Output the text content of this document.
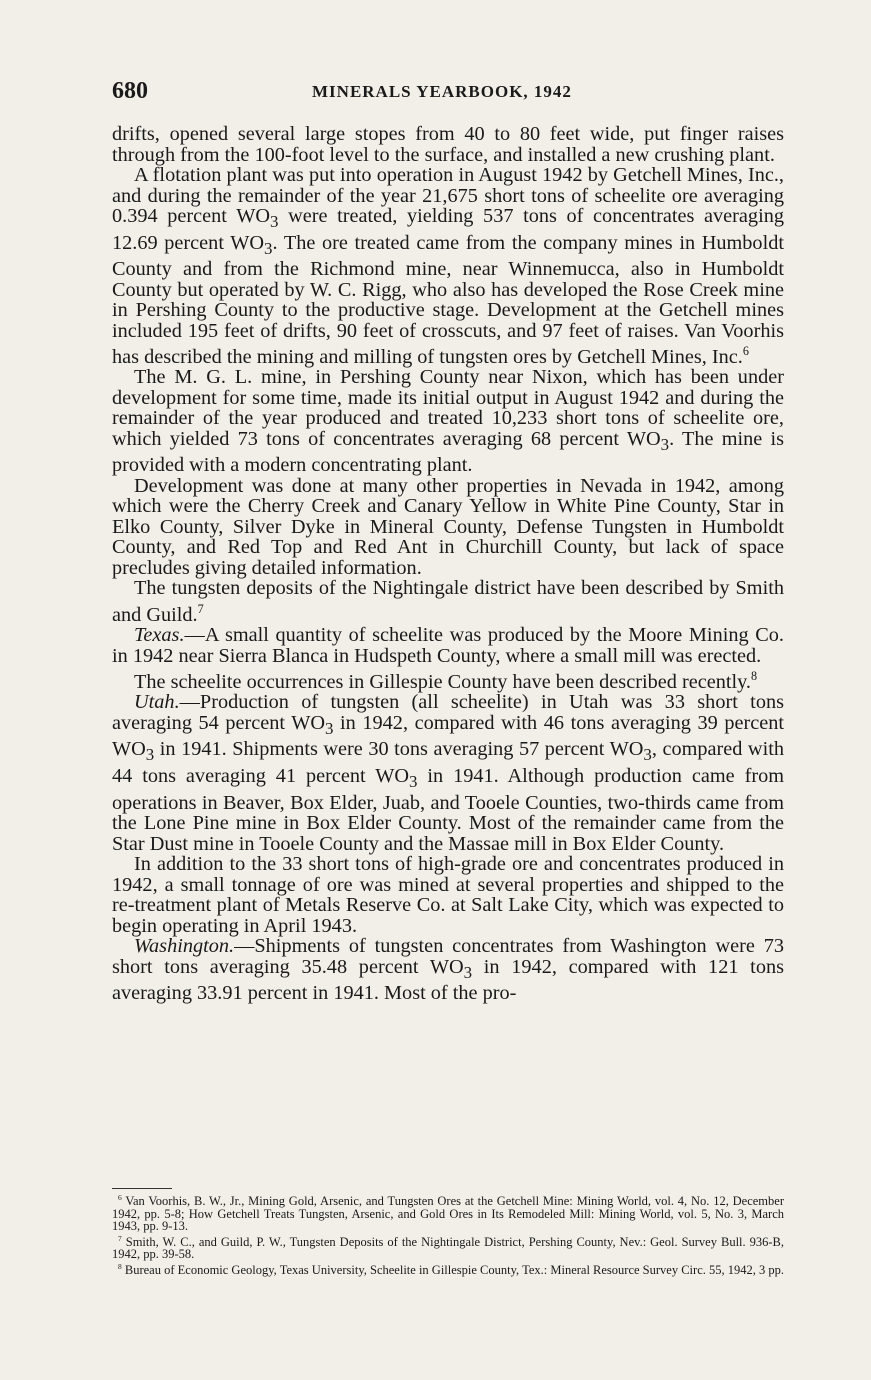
680	MINERALS YEARBOOK, 1942

drifts, opened several large stopes from 40 to 80 feet wide, put finger raises through from the 100-foot level to the surface, and installed a new crushing plant.

A flotation plant was put into operation in August 1942 by Getchell Mines, Inc., and during the remainder of the year 21,675 short tons of scheelite ore averaging 0.394 percent $WO_3$ were treated, yielding 537 tons of concentrates averaging 12.69 percent $WO_3$. The ore treated came from the company mines in Humboldt County and from the Richmond mine, near Winnemucca, also in Humboldt County but operated by W. C. Rigg, who also has developed the Rose Creek mine in Pershing County to the productive stage. Development at the Getchell mines included 195 feet of drifts, 90 feet of crosscuts, and 97 feet of raises. Van Voorhis has described the mining and milling of tungsten ores by Getchell Mines, Inc.$^6$

The M. G. L. mine, in Pershing County near Nixon, which has been under development for some time, made its initial output in August 1942 and during the remainder of the year produced and treated 10,233 short tons of scheelite ore, which yielded 73 tons of concentrates averaging 68 percent $WO_3$. The mine is provided with a modern concentrating plant.

Development was done at many other properties in Nevada in 1942, among which were the Cherry Creek and Canary Yellow in White Pine County, Star in Elko County, Silver Dyke in Mineral County, Defense Tungsten in Humboldt County, and Red Top and Red Ant in Churchill County, but lack of space precludes giving detailed information.

The tungsten deposits of the Nightingale district have been described by Smith and Guild.$^7$

Texas.—A small quantity of scheelite was produced by the Moore Mining Co. in 1942 near Sierra Blanca in Hudspeth County, where a small mill was erected.

The scheelite occurrences in Gillespie County have been described recently.$^8$

Utah.—Production of tungsten (all scheelite) in Utah was 33 short tons averaging 54 percent $WO_3$ in 1942, compared with 46 tons averaging 39 percent $WO_3$ in 1941. Shipments were 30 tons averaging 57 percent $WO_3$, compared with 44 tons averaging 41 percent $WO_3$ in 1941. Although production came from operations in Beaver, Box Elder, Juab, and Tooele Counties, two-thirds came from the Lone Pine mine in Box Elder County. Most of the remainder came from the Star Dust mine in Tooele County and the Massae mill in Box Elder County.

In addition to the 33 short tons of high-grade ore and concentrates produced in 1942, a small tonnage of ore was mined at several properties and shipped to the re-treatment plant of Metals Reserve Co. at Salt Lake City, which was expected to begin operating in April 1943.

Washington.—Shipments of tungsten concentrates from Washington were 73 short tons averaging 35.48 percent $WO_3$ in 1942, compared with 121 tons averaging 33.91 percent in 1941. Most of the pro-

$^6$ Van Voorhis, B. W., Jr., Mining Gold, Arsenic, and Tungsten Ores at the Getchell Mine: Mining World, vol. 4, No. 12, December 1942, pp. 5-8; How Getchell Treats Tungsten, Arsenic, and Gold Ores in Its Remodeled Mill: Mining World, vol. 5, No. 3, March 1943, pp. 9-13.

$^7$ Smith, W. C., and Guild, P. W., Tungsten Deposits of the Nightingale District, Pershing County, Nev.: Geol. Survey Bull. 936-B, 1942, pp. 39-58.

$^8$ Bureau of Economic Geology, Texas University, Scheelite in Gillespie County, Tex.: Mineral Resource Survey Circ. 55, 1942, 3 pp.
